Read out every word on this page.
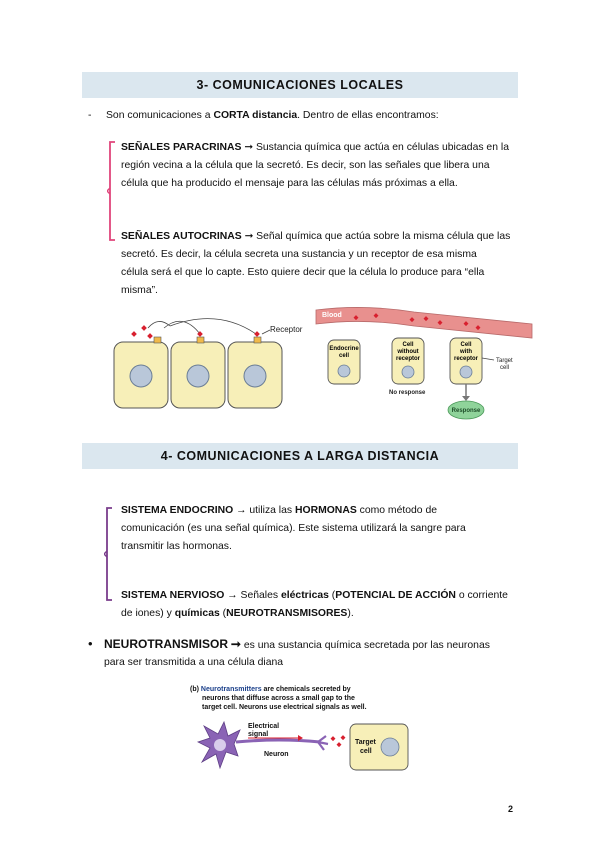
3- COMUNICACIONES LOCALES
- Son comunicaciones a CORTA distancia. Dentro de ellas encontramos:
SEÑALES PARACRINAS ➞ Sustancia química que actúa en células ubicadas en la
región vecina a la célula que la secretó. Es decir, son las señales que libera una
célula que ha producido el mensaje para las células más próximas a ella.
SEÑALES AUTOCRINAS ➞ Señal química que actúa sobre la misma célula que las
secretó. Es decir, la célula secreta una sustancia y un receptor de esa misma
célula será el que lo capte. Esto quiere decir que la célula lo produce para “ella
misma”.
Receptor
Blood
Endocrine
cell
Cell
without
receptor
Cell
with
receptor	Target
cell
No response
Response
4- COMUNICACIONES A LARGA DISTANCIA
SISTEMA ENDOCRINO → utiliza las HORMONAS como método de
comunicación (es una señal química). Este sistema utilizará la sangre para
transmitir las hormonas.
SISTEMA NERVIOSO → Señales eléctricas (POTENCIAL DE ACCIÓN o corriente
de iones) y químicas (NEUROTRANSMISORES).
• NEUROTRANSMISOR ➞ es una sustancia química secretada por las neuronas
para ser transmitida a una célula diana
(b) Neurotransmitters are chemicals secreted by
neurons that diffuse across a small gap to the
target cell. Neurons use electrical signals as well.
Electrical
signal
Neuron
Target
cell
2
